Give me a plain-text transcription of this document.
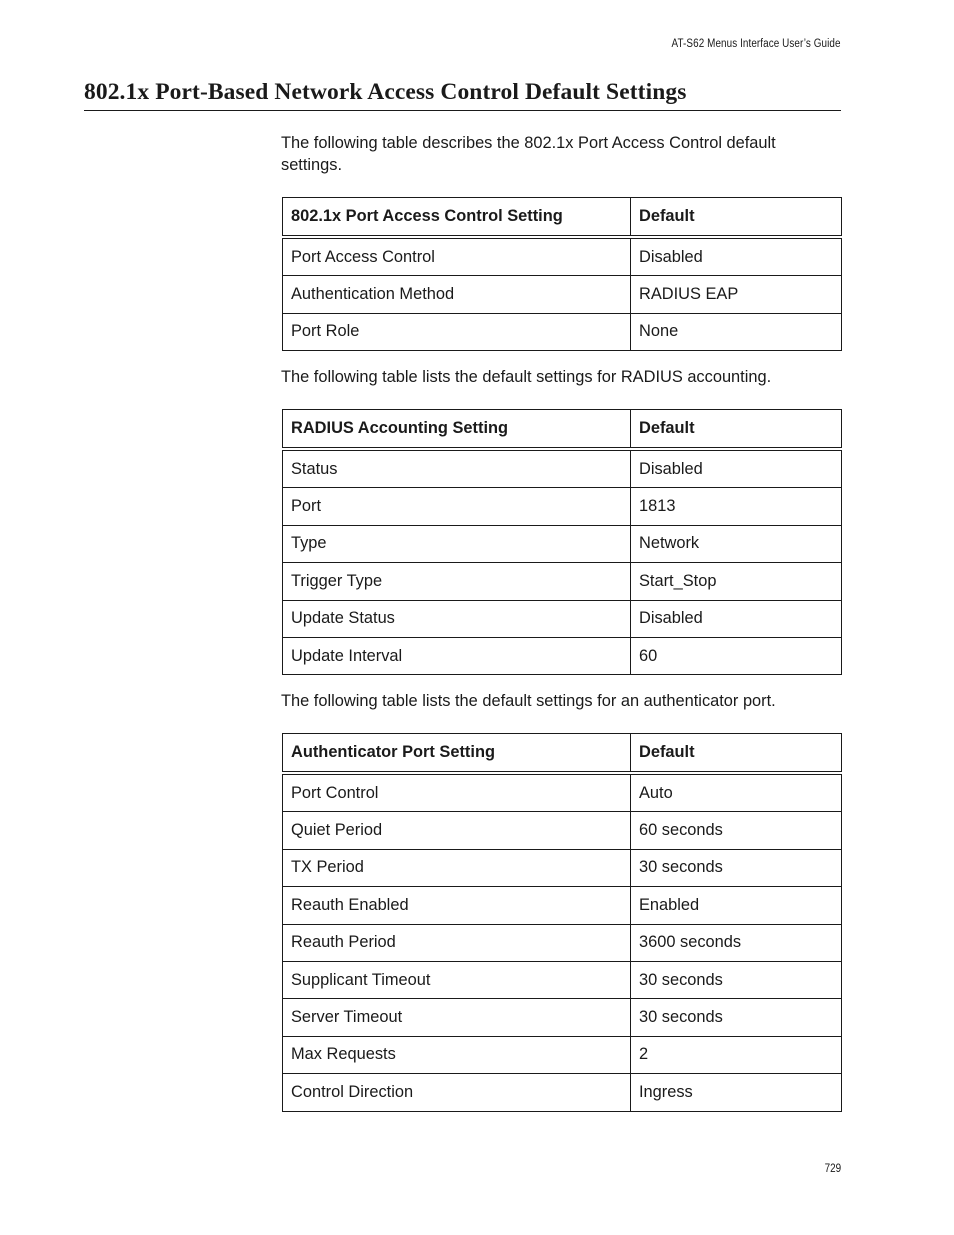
AT-S62 Menus Interface User’s Guide
802.1x Port-Based Network Access Control Default Settings

The following table describes the 802.1x Port Access Control default settings.

802.1x Port Access Control Setting	Default
Port Access Control	Disabled
Authentication Method	RADIUS EAP
Port Role	None

The following table lists the default settings for RADIUS accounting.

RADIUS Accounting Setting	Default
Status	Disabled
Port	1813
Type	Network
Trigger Type	Start_Stop
Update Status	Disabled
Update Interval	60

The following table lists the default settings for an authenticator port.

Authenticator Port Setting	Default
Port Control	Auto
Quiet Period	60 seconds
TX Period	30 seconds
Reauth Enabled	Enabled
Reauth Period	3600 seconds
Supplicant Timeout	30 seconds
Server Timeout	30 seconds
Max Requests	2
Control Direction	Ingress
729
